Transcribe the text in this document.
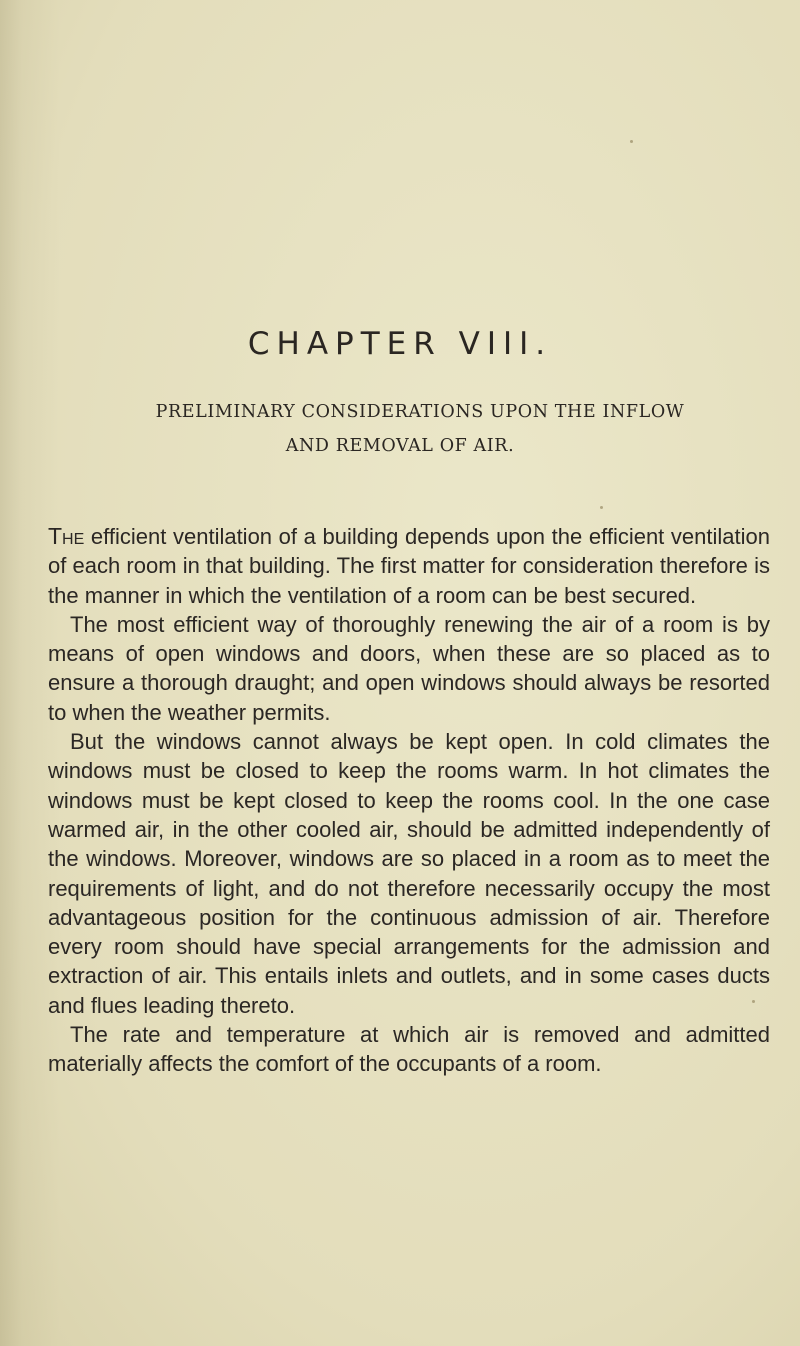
CHAPTER VIII.
PRELIMINARY CONSIDERATIONS UPON THE INFLOW
AND REMOVAL OF AIR.

The efficient ventilation of a building depends upon the efficient ventilation of each room in that building. The first matter for consideration therefore is the manner in which the ventilation of a room can be best secured.

The most efficient way of thoroughly renewing the air of a room is by means of open windows and doors, when these are so placed as to ensure a thorough draught; and open windows should always be resorted to when the weather permits.

But the windows cannot always be kept open. In cold climates the windows must be closed to keep the rooms warm. In hot climates the windows must be kept closed to keep the rooms cool. In the one case warmed air, in the other cooled air, should be admitted independently of the windows. Moreover, windows are so placed in a room as to meet the requirements of light, and do not therefore necessarily occupy the most advantageous position for the continuous admission of air. Therefore every room should have special arrangements for the admission and extraction of air. This entails inlets and outlets, and in some cases ducts and flues leading thereto.

The rate and temperature at which air is removed and admitted materially affects the comfort of the occupants of a room.
